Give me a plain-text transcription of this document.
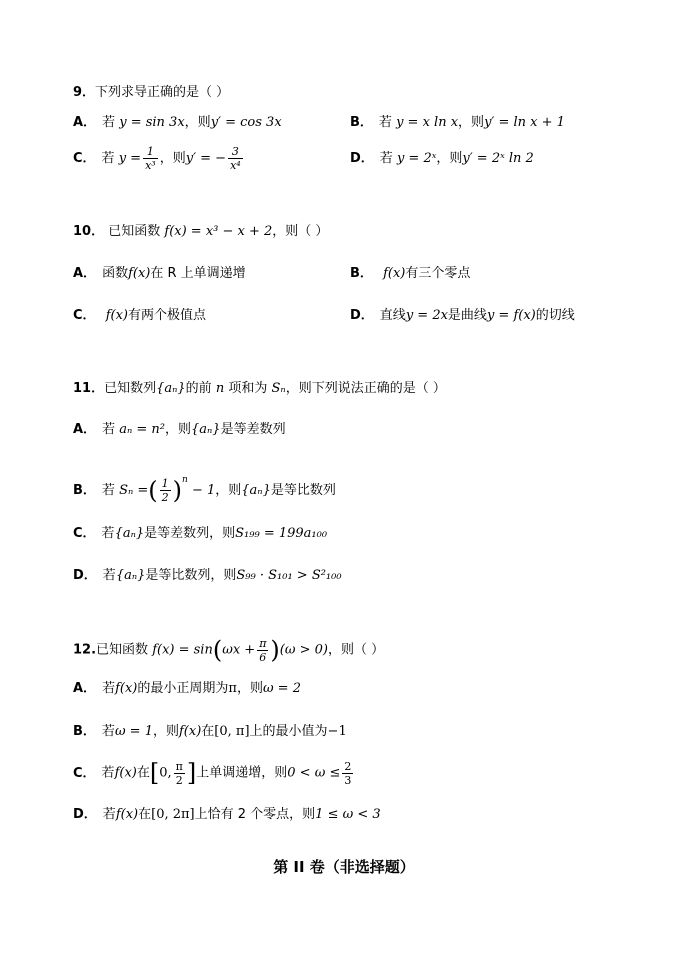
9．下列求导正确的是（ ）
A． 若 y = sin 3x，则y′ = cos 3x	B． 若 y = x ln x，则y′ = ln x + 1
C． 若 $y = \frac{1}{\text{x³}}$ ，则y′ = − $\frac{3}{\text{x⁴}}$	D． 若 y = 2ˣ，则y′ = 2ˣ ln 2
10． 已知函数 f(x) = x³ − x + 2，则（ ）
A． 函数f(x)在 R 上单调递增	B． f(x)有三个零点
C． f(x)有两个极值点	D． 直线y = 2x是曲线y = f(x)的切线
11．已知数列{aₙ}的前 n 项和为 Sₙ，则下列说法正确的是（ ）
A． 若 aₙ = n²，则{aₙ}是等差数列
B． 若 Sₙ =( $\frac{1}{2} )^n - 1$，则{aₙ}是等比数列
C． 若{aₙ}是等差数列，则S₁₉₉ = 199a₁₀₀
D． 若{aₙ}是等比数列，则S₉₉ · S₁₀₁ > S²₁₀₀
12.已知函数 $f(x) = \sin(\omega x + \frac{\pi}{6} )(\omega > 0)$，则（ ）
A． 若f(x)的最小正周期为π，则ω = 2
B． 若ω = 1，则f(x)在[0, π]上的最小值为−1
C． 若f(x)在[0, $\frac{\pi}{2}$ ]上单调递增，则$0 < \omega \le \frac{2}{3}$
D． 若f(x)在[0, 2π]上恰有 2 个零点，则1 ≤ ω < 3
第 II 卷（非选择题）
